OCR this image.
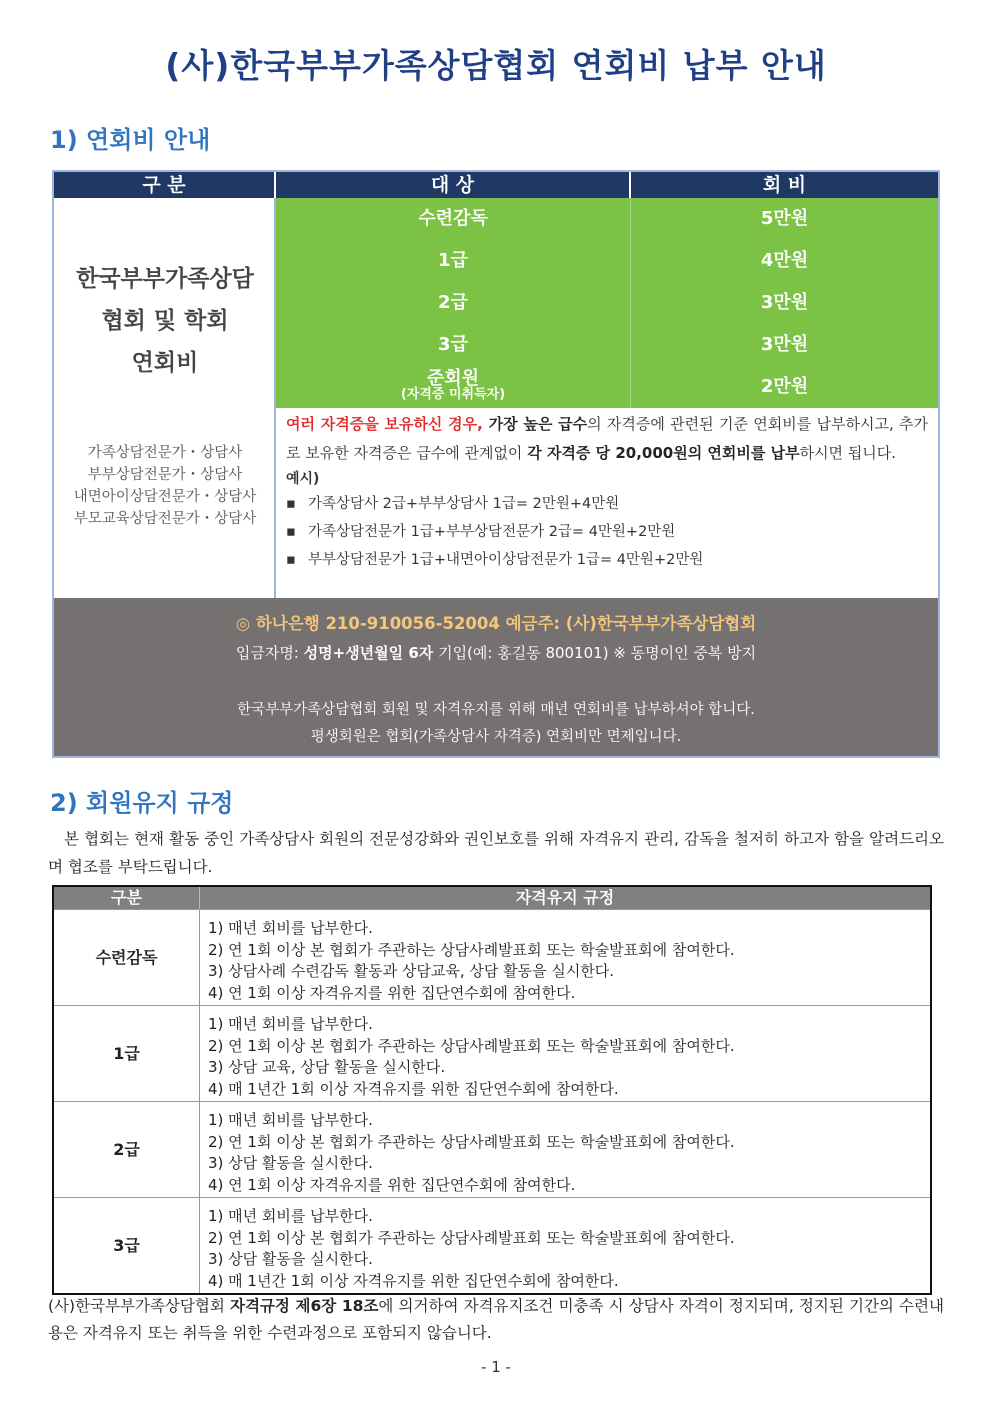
(사)한국부부가족상담협회 연회비 납부 안내
1) 연회비 안내
구 분	대 상	회 비
한국부부가족상담
협회 및 학회
연회비
가족상담전문가・상담사
부부상담전문가・상담사
내면아이상담전문가・상담사
부모교육상담전문가・상담사
수련감독	5만원
1급	4만원
2급	3만원
3급	3만원
준회원
(자격증 미취득자)	2만원
여러 자격증을 보유하신 경우, 가장 높은 급수의 자격증에 관련된 기준 연회비를 납부하시고, 추가로 보유한 자격증은 급수에 관계없이 각 자격증 당 20,000원의 연회비를 납부하시면 됩니다.
예시)
▪ 가족상담사 2급+부부상담사 1급= 2만원+4만원
▪ 가족상담전문가 1급+부부상담전문가 2급= 4만원+2만원
▪ 부부상담전문가 1급+내면아이상담전문가 1급= 4만원+2만원
◎ 하나은행 210-910056-52004 예금주: (사)한국부부가족상담협회
입금자명: 성명+생년월일 6자 기입(예: 홍길동 800101) ※ 동명이인 중복 방지
한국부부가족상담협회 회원 및 자격유지를 위해 매년 연회비를 납부하셔야 합니다.
평생회원은 협회(가족상담사 자격증) 연회비만 면제입니다.
2) 회원유지 규정
본 협회는 현재 활동 중인 가족상담사 회원의 전문성강화와 권인보호를 위해 자격유지 관리, 감독을 철저히 하고자 함을 알려드리오며 협조를 부탁드립니다.
구분	자격유지 규정
수련감독
1) 매년 회비를 납부한다.
2) 연 1회 이상 본 협회가 주관하는 상담사례발표회 또는 학술발표회에 참여한다.
3) 상담사례 수련감독 활동과 상담교육, 상담 활동을 실시한다.
4) 연 1회 이상 자격유지를 위한 집단연수회에 참여한다.
1급
1) 매년 회비를 납부한다.
2) 연 1회 이상 본 협회가 주관하는 상담사례발표회 또는 학술발표회에 참여한다.
3) 상담 교육, 상담 활동을 실시한다.
4) 매 1년간 1회 이상 자격유지를 위한 집단연수회에 참여한다.
2급
1) 매년 회비를 납부한다.
2) 연 1회 이상 본 협회가 주관하는 상담사례발표회 또는 학술발표회에 참여한다.
3) 상담 활동을 실시한다.
4) 연 1회 이상 자격유지를 위한 집단연수회에 참여한다.
3급
1) 매년 회비를 납부한다.
2) 연 1회 이상 본 협회가 주관하는 상담사례발표회 또는 학술발표회에 참여한다.
3) 상담 활동을 실시한다.
4) 매 1년간 1회 이상 자격유지를 위한 집단연수회에 참여한다.
(사)한국부부가족상담협회 자격규정 제6장 18조에 의거하여 자격유지조건 미충족 시 상담사 자격이 정지되며, 정지된 기간의 수련내용은 자격유지 또는 취득을 위한 수련과정으로 포함되지 않습니다.
- 1 -
